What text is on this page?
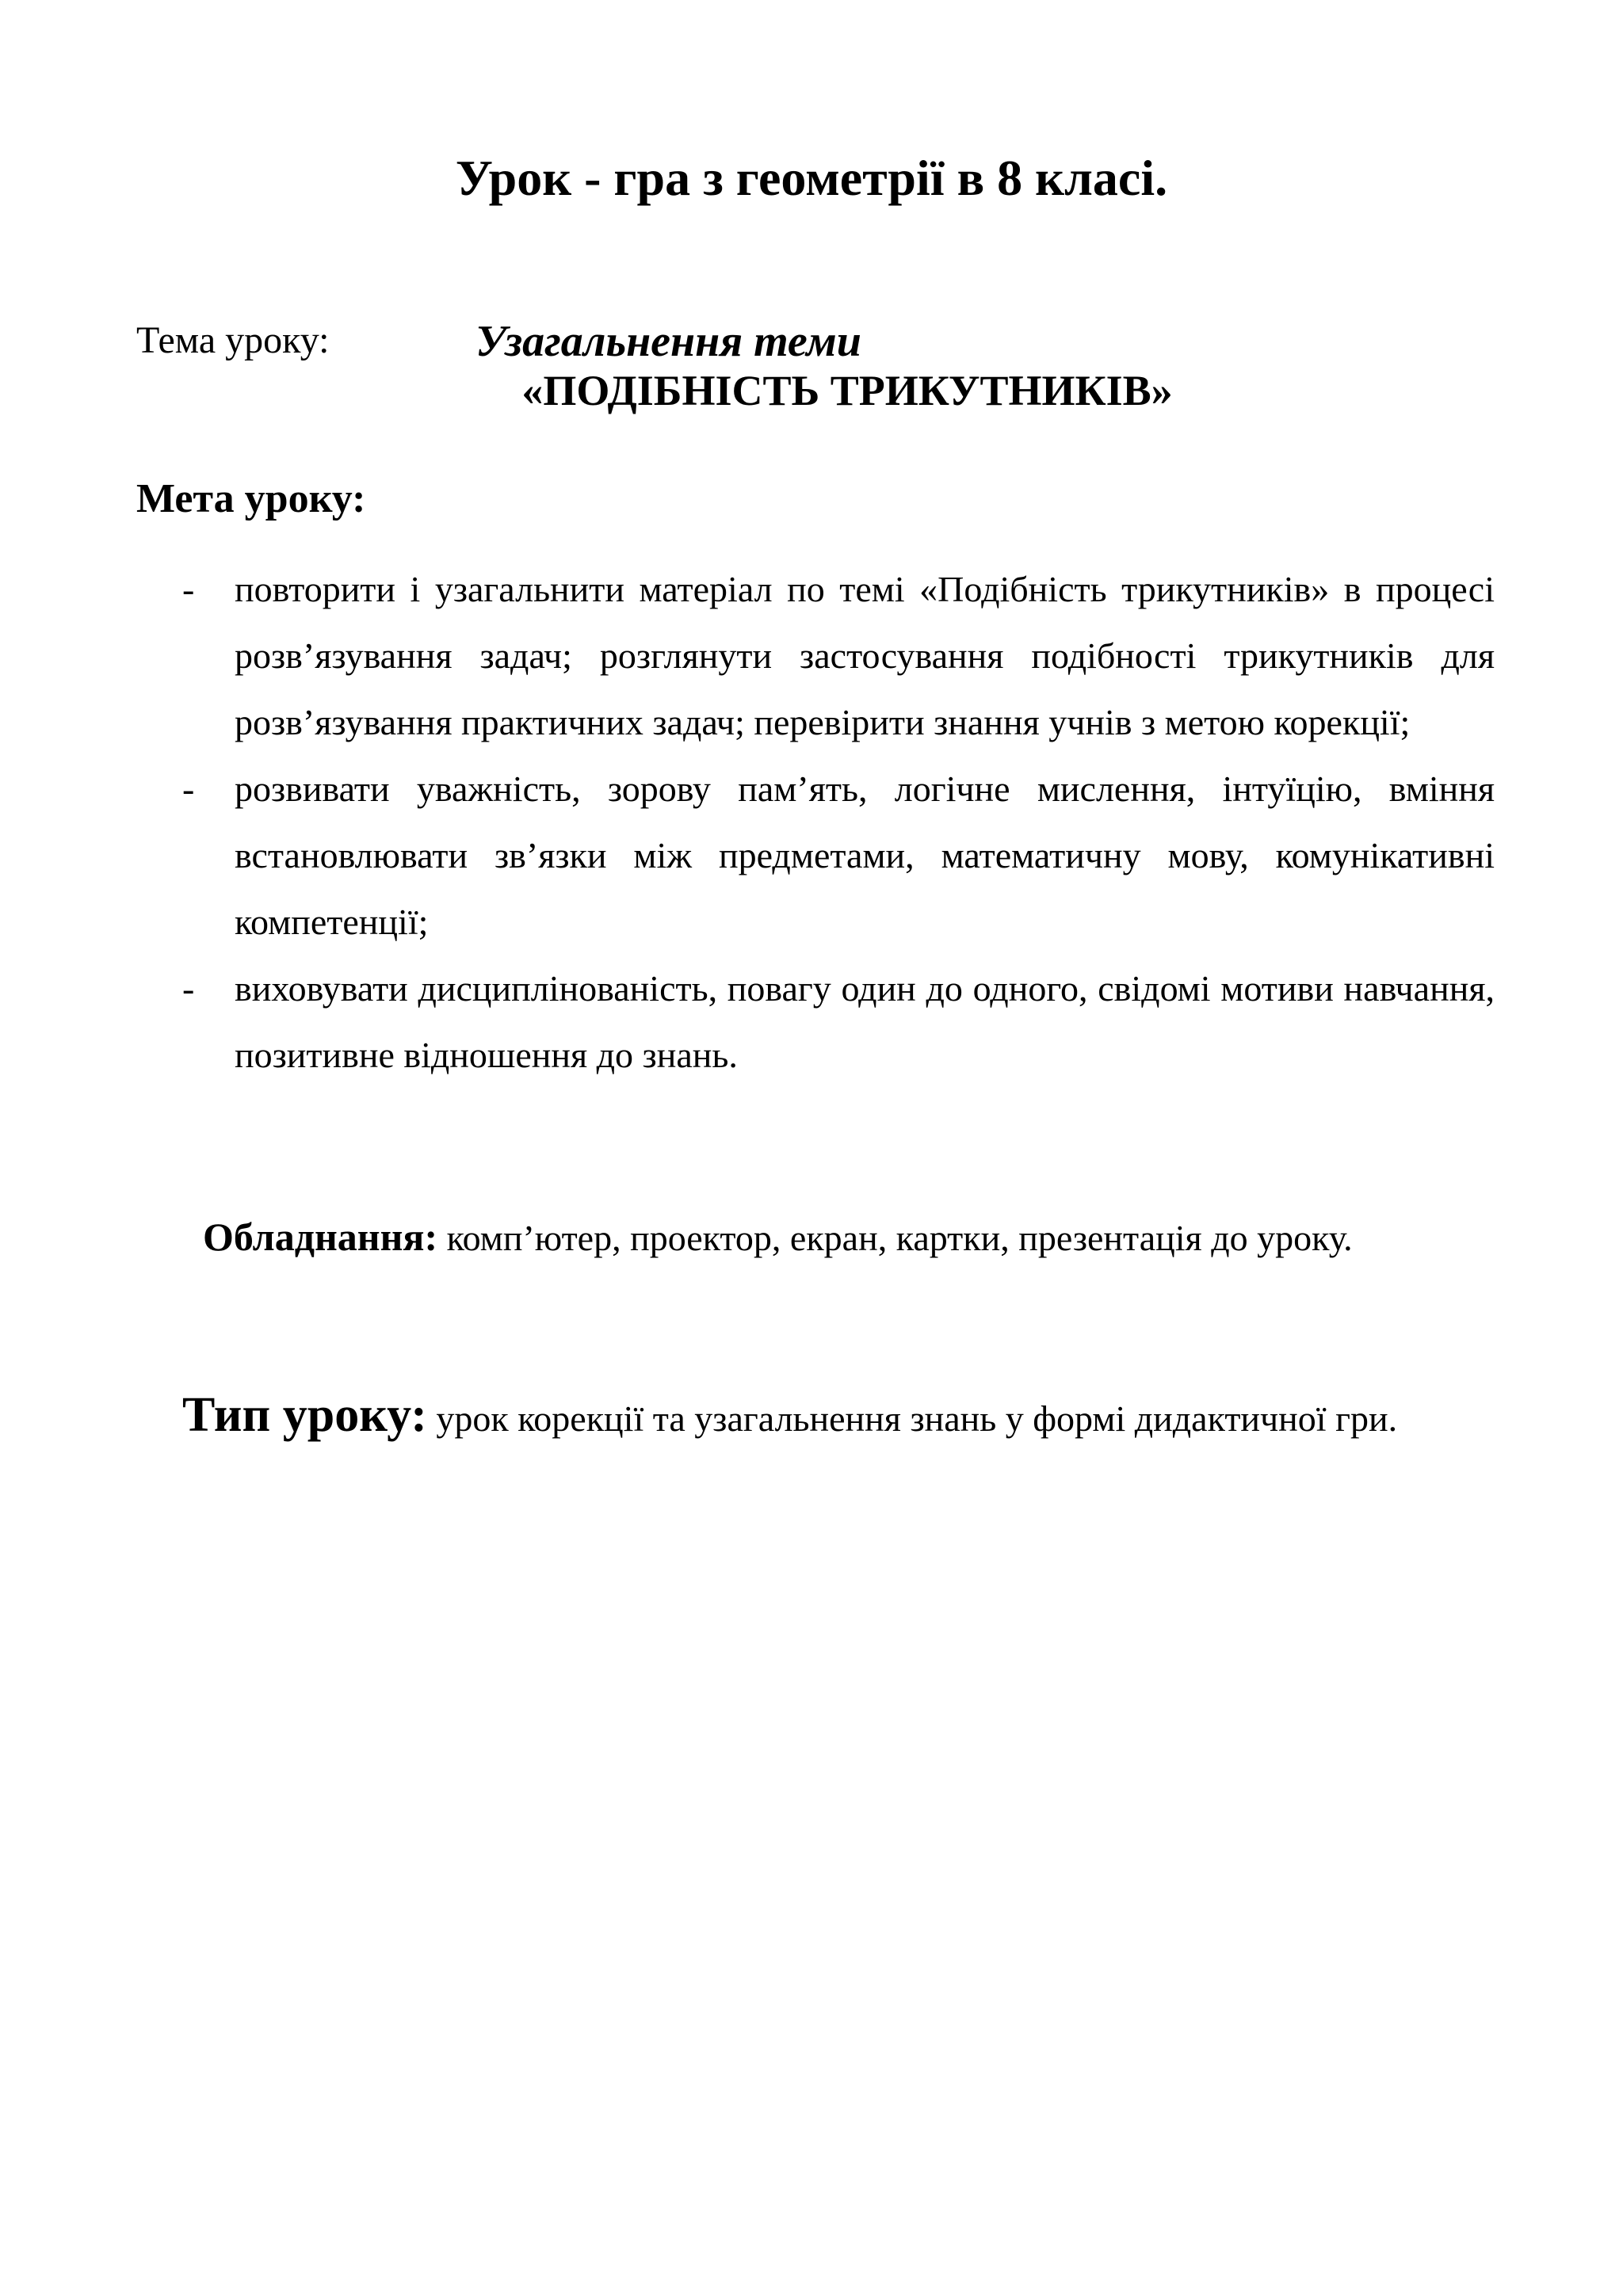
Урок - гра з геометрії в 8 класі.
Тема уроку:	Узагальнення теми
«ПОДІБНІСТЬ ТРИКУТНИКІВ»
Мета уроку:
- повторити і узагальнити матеріал по темі «Подібність трикутників» в процесі розв’язування задач; розглянути застосування подібності трикутників для розв’язування практичних задач; перевірити знання учнів з метою корекції;
- розвивати уважність, зорову пам’ять, логічне мислення, інтуїцію, вміння встановлювати зв’язки між предметами, математичну мову, комунікативні компетенції;
- виховувати дисциплінованість, повагу один до одного, свідомі мотиви навчання, позитивне відношення до знань.
Обладнання: комп’ютер, проектор, екран, картки, презентація до уроку.
Тип уроку: урок корекції та узагальнення знань у формі дидактичної гри.
